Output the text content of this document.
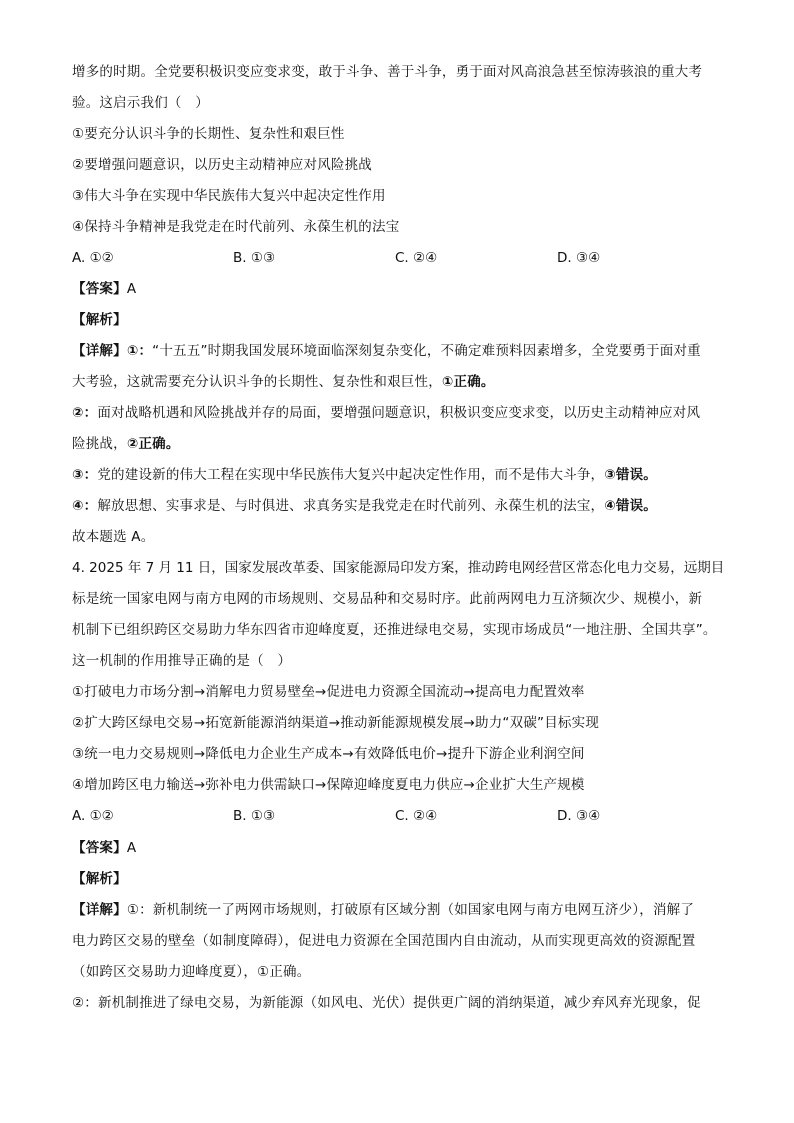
增多的时期。全党要积极识变应变求变，敢于斗争、善于斗争，勇于面对风高浪急甚至惊涛骇浪的重大考
验。这启示我们（　）
①要充分认识斗争的长期性、复杂性和艰巨性
②要增强问题意识，以历史主动精神应对风险挑战
③伟大斗争在实现中华民族伟大复兴中起决定性作用
④保持斗争精神是我党走在时代前列、永葆生机的法宝
A. ①②	B. ①③	C. ②④	D. ③④
【答案】A
【解析】
【详解】①：“十五五”时期我国发展环境面临深刻复杂变化，不确定难预料因素增多，全党要勇于面对重
大考验，这就需要充分认识斗争的长期性、复杂性和艰巨性，①正确。
②：面对战略机遇和风险挑战并存的局面，要增强问题意识，积极识变应变求变，以历史主动精神应对风
险挑战，②正确。
③：党的建设新的伟大工程在实现中华民族伟大复兴中起决定性作用，而不是伟大斗争，③错误。
④：解放思想、实事求是、与时俱进、求真务实是我党走在时代前列、永葆生机的法宝，④错误。
故本题选 A。
4. 2025 年 7 月 11 日，国家发展改革委、国家能源局印发方案，推动跨电网经营区常态化电力交易，远期目
标是统一国家电网与南方电网的市场规则、交易品种和交易时序。此前两网电力互济频次少、规模小，新
机制下已组织跨区交易助力华东四省市迎峰度夏，还推进绿电交易，实现市场成员“一地注册、全国共享”。
这一机制的作用推导正确的是（　）
①打破电力市场分割→消解电力贸易壁垒→促进电力资源全国流动→提高电力配置效率
②扩大跨区绿电交易→拓宽新能源消纳渠道→推动新能源规模发展→助力“双碳”目标实现
③统一电力交易规则→降低电力企业生产成本→有效降低电价→提升下游企业利润空间
④增加跨区电力输送→弥补电力供需缺口→保障迎峰度夏电力供应→企业扩大生产规模
A. ①②	B. ①③	C. ②④	D. ③④
【答案】A
【解析】
【详解】①：新机制统一了两网市场规则，打破原有区域分割（如国家电网与南方电网互济少），消解了
电力跨区交易的壁垒（如制度障碍），促进电力资源在全国范围内自由流动，从而实现更高效的资源配置
（如跨区交易助力迎峰度夏），①正确。
②：新机制推进了绿电交易，为新能源（如风电、光伏）提供更广阔的消纳渠道，减少弃风弃光现象，促
